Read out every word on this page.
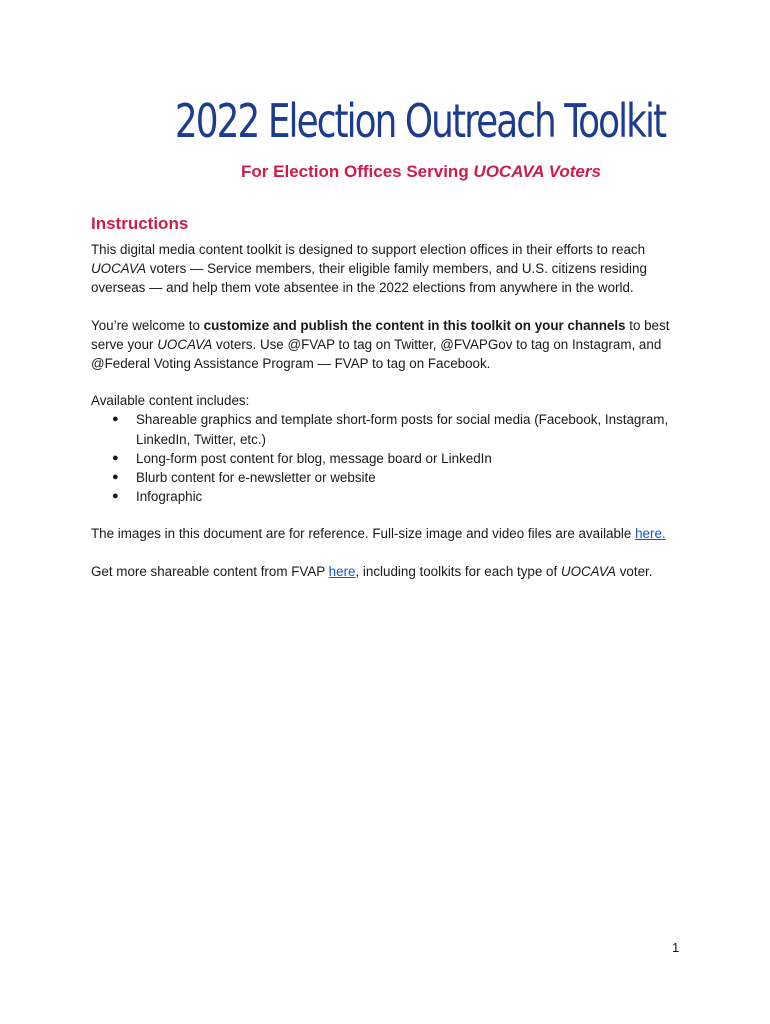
2022 Election Outreach Toolkit
For Election Offices Serving UOCAVA Voters
Instructions

This digital media content toolkit is designed to support election offices in their efforts to reach UOCAVA voters — Service members, their eligible family members, and U.S. citizens residing overseas — and help them vote absentee in the 2022 elections from anywhere in the world.

You’re welcome to customize and publish the content in this toolkit on your channels to best serve your UOCAVA voters. Use @FVAP to tag on Twitter, @FVAPGov to tag on Instagram, and @Federal Voting Assistance Program — FVAP to tag on Facebook.

Available content includes:

● Shareable graphics and template short-form posts for social media (Facebook, Instagram, LinkedIn, Twitter, etc.)
● Long-form post content for blog, message board or LinkedIn
● Blurb content for e-newsletter or website
● Infographic

The images in this document are for reference. Full-size image and video files are available here.

Get more shareable content from FVAP here, including toolkits for each type of UOCAVA voter.

1
